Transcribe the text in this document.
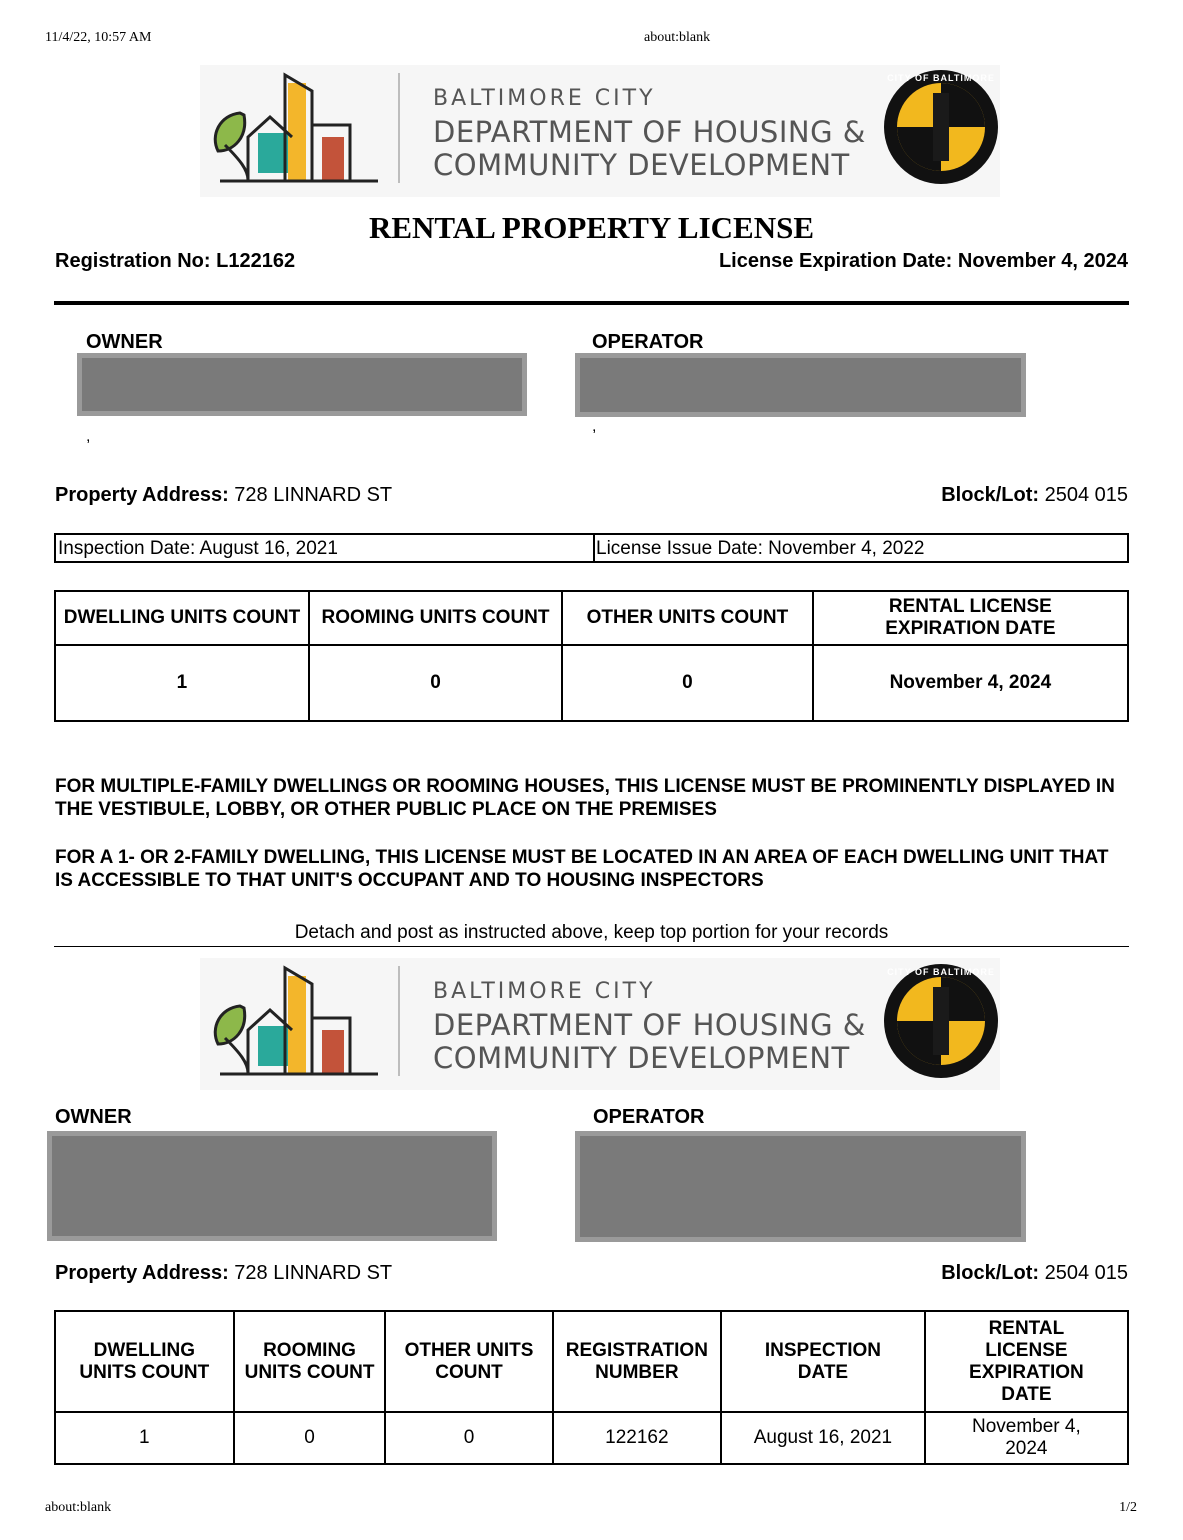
11/4/22, 10:57 AM	about:blank
BALTIMORE CITY
DEPARTMENT OF HOUSING &
COMMUNITY DEVELOPMENT
CITY OF BALTIMORE
RENTAL PROPERTY LICENSE
Registration No: L122162	License Expiration Date: November 4, 2024
OWNER
,
OPERATOR
,
Property Address: 728 LINNARD ST	Block/Lot: 2504 015
Inspection Date: August 16, 2021	License Issue Date: November 4, 2022
DWELLING UNITS COUNT	ROOMING UNITS COUNT	OTHER UNITS COUNT	RENTAL LICENSE EXPIRATION DATE
1	0	0	November 4, 2024
FOR MULTIPLE-FAMILY DWELLINGS OR ROOMING HOUSES, THIS LICENSE MUST BE PROMINENTLY DISPLAYED IN THE VESTIBULE, LOBBY, OR OTHER PUBLIC PLACE ON THE PREMISES
FOR A 1- OR 2-FAMILY DWELLING, THIS LICENSE MUST BE LOCATED IN AN AREA OF EACH DWELLING UNIT THAT IS ACCESSIBLE TO THAT UNIT'S OCCUPANT AND TO HOUSING INSPECTORS
Detach and post as instructed above, keep top portion for your records
BALTIMORE CITY
DEPARTMENT OF HOUSING &
COMMUNITY DEVELOPMENT
CITY OF BALTIMORE
OWNER	OPERATOR
Property Address: 728 LINNARD ST	Block/Lot: 2504 015
DWELLING UNITS COUNT	ROOMING UNITS COUNT	OTHER UNITS COUNT	REGISTRATION NUMBER	INSPECTION DATE	RENTAL LICENSE EXPIRATION DATE
1	0	0	122162	August 16, 2021	November 4, 2024
about:blank	1/2
